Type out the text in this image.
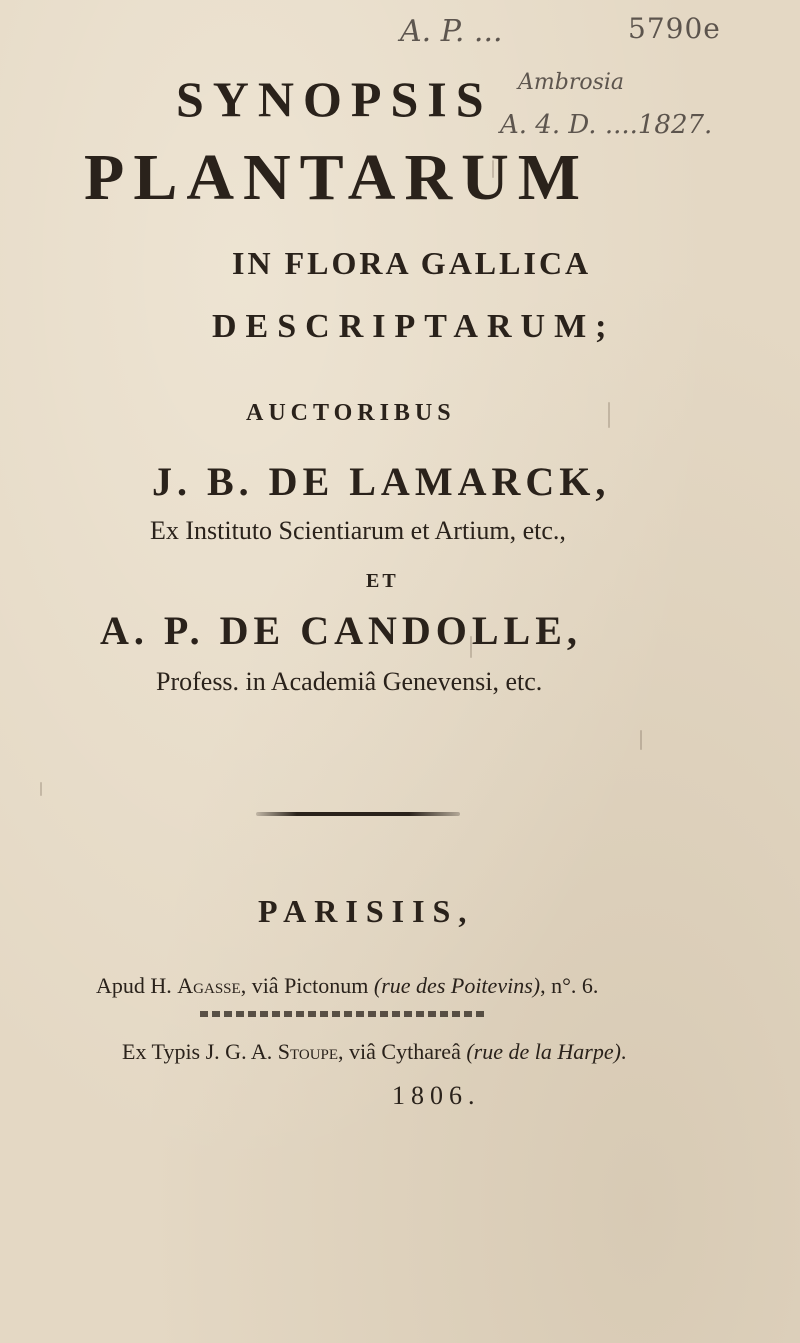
A. P. ...	5790e
Ambrosia
A. 4. D. ....1827.

SYNOPSIS

PLANTARUM

IN FLORA GALLICA

DESCRIPTARUM;

AUCTORIBUS

J. B. DE LAMARCK,

Ex Instituto Scientiarum et Artium, etc.,

ET

A. P. DE CANDOLLE,

Profess. in Academiâ Genevensi, etc.

PARISIIS,

Apud H. Agasse, viâ Pictonum (rue des Poitevins), n°. 6.

Ex Typis J. G. A. Stoupe, viâ Cythareâ (rue de la Harpe).

1806.
